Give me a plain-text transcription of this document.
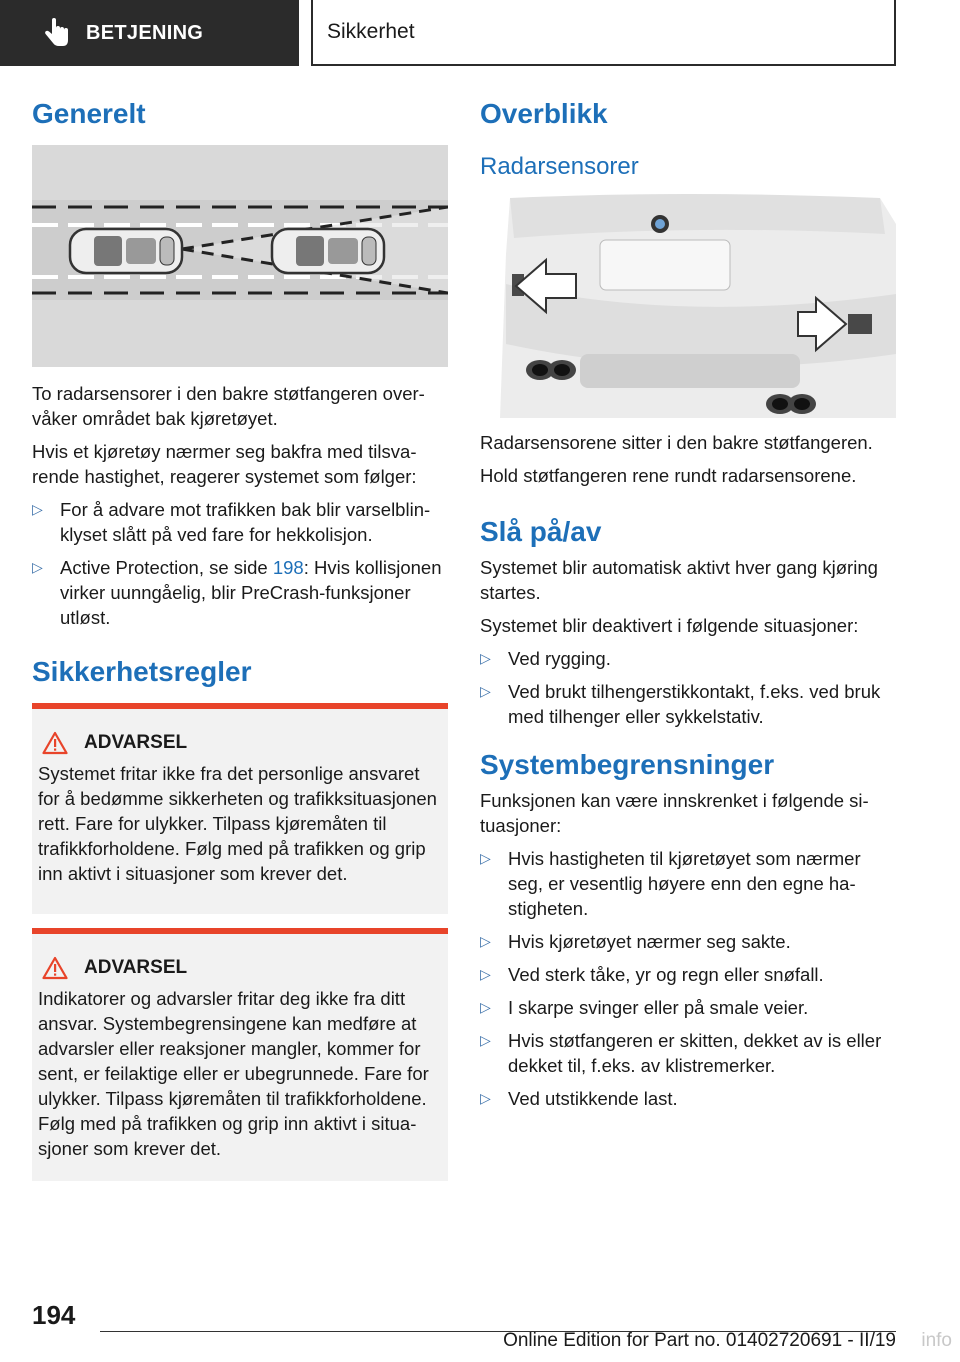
BETJENING	Sikkerhet
Generelt

To radarsensorer i den bakre støtfangeren overvåker området bak kjøretøyet.

Hvis et kjøretøy nærmer seg bakfra med tilsvarende hastighet, reagerer systemet som følger:

▷ For å advare mot trafikken bak blir varselblinklyset slått på ved fare for hekkolisjon.
▷ Active Protection, se side 198: Hvis kollisjonen virker uunngåelig, blir PreCrash-funksjoner utløst.
Sikkerhetsregler
ADVARSEL

Systemet fritar ikke fra det personlige ansvaret for å bedømme sikkerheten og trafikksituasjonen rett. Fare for ulykker. Tilpass kjøremåten til trafikkforholdene. Følg med på trafikken og grip inn aktivt i situasjoner som krever det.

ADVARSEL

Indikatorer og advarsler fritar deg ikke fra ditt ansvar. Systembegrensingene kan medføre at advarsler eller reaksjoner mangler, kommer for sent, er feilaktige eller er ubegrunnede. Fare for ulykker. Tilpass kjøremåten til trafikkforholdene. Følg med på trafikken og grip inn aktivt i situasjoner som krever det.

Overblikk
Radarsensorer

Radarsensorene sitter i den bakre støtfangeren.

Hold støtfangeren rene rundt radarsensorene.

Slå på/av

Systemet blir automatisk aktivt hver gang kjøring startes.

Systemet blir deaktivert i følgende situasjoner:

▷ Ved rygging.
▷ Ved brukt tilhengerstikkontakt, f.eks. ved bruk med tilhenger eller sykkelstativ.
Systembegrensninger

Funksjonen kan være innskrenket i følgende situasjoner:

▷ Hvis hastigheten til kjøretøyet som nærmer seg, er vesentlig høyere enn den egne hastigheten.
▷ Hvis kjøretøyet nærmer seg sakte.
▷ Ved sterk tåke, yr og regn eller snøfall.
▷ I skarpe svinger eller på smale veier.
▷ Hvis støtfangeren er skitten, dekket av is eller dekket til, f.eks. av klistremerker.
▷ Ved utstikkende last.
194
Online Edition for Part no. 01402720691 - II/19 info
